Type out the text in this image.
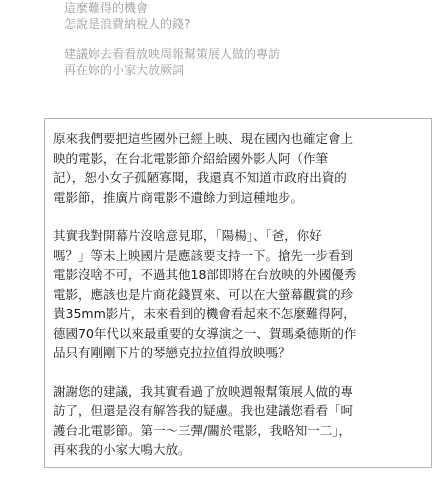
這麼難得的機會
怎說是浪費納稅人的錢?
建議妳去看看放映周報幫策展人做的專訪
再在妳的小家大放厥詞
原來我們要把這些國外已經上映、現在國內也確定會上
映的電影，在台北電影節介紹給國外影人阿（作筆
記），恕小女子孤陋寡聞，我還真不知道市政府出資的
電影節，推廣片商電影不遺餘力到這種地步。
其實我對開幕片沒啥意見耶，「陽楊」、「爸，你好
嗎？」等未上映國片是應該要支持一下。搶先一步看到
電影沒啥不可，不過其他18部即將在台放映的外國優秀
電影，應該也是片商花錢買來、可以在大螢幕觀賞的珍
貴35mm影片，未來看到的機會看起來不怎麼難得阿，
德國70年代以來最重要的女導演之一、賀瑪桑德斯的作
品只有剛剛下片的琴戀克拉拉值得放映嗎？
謝謝您的建議，我其實看過了放映週報幫策展人做的專
訪了，但還是沒有解答我的疑慮。我也建議您看看「呵
護台北電影節。第一～三彈/關於電影，我略知一二」，
再來我的小家大鳴大放。
